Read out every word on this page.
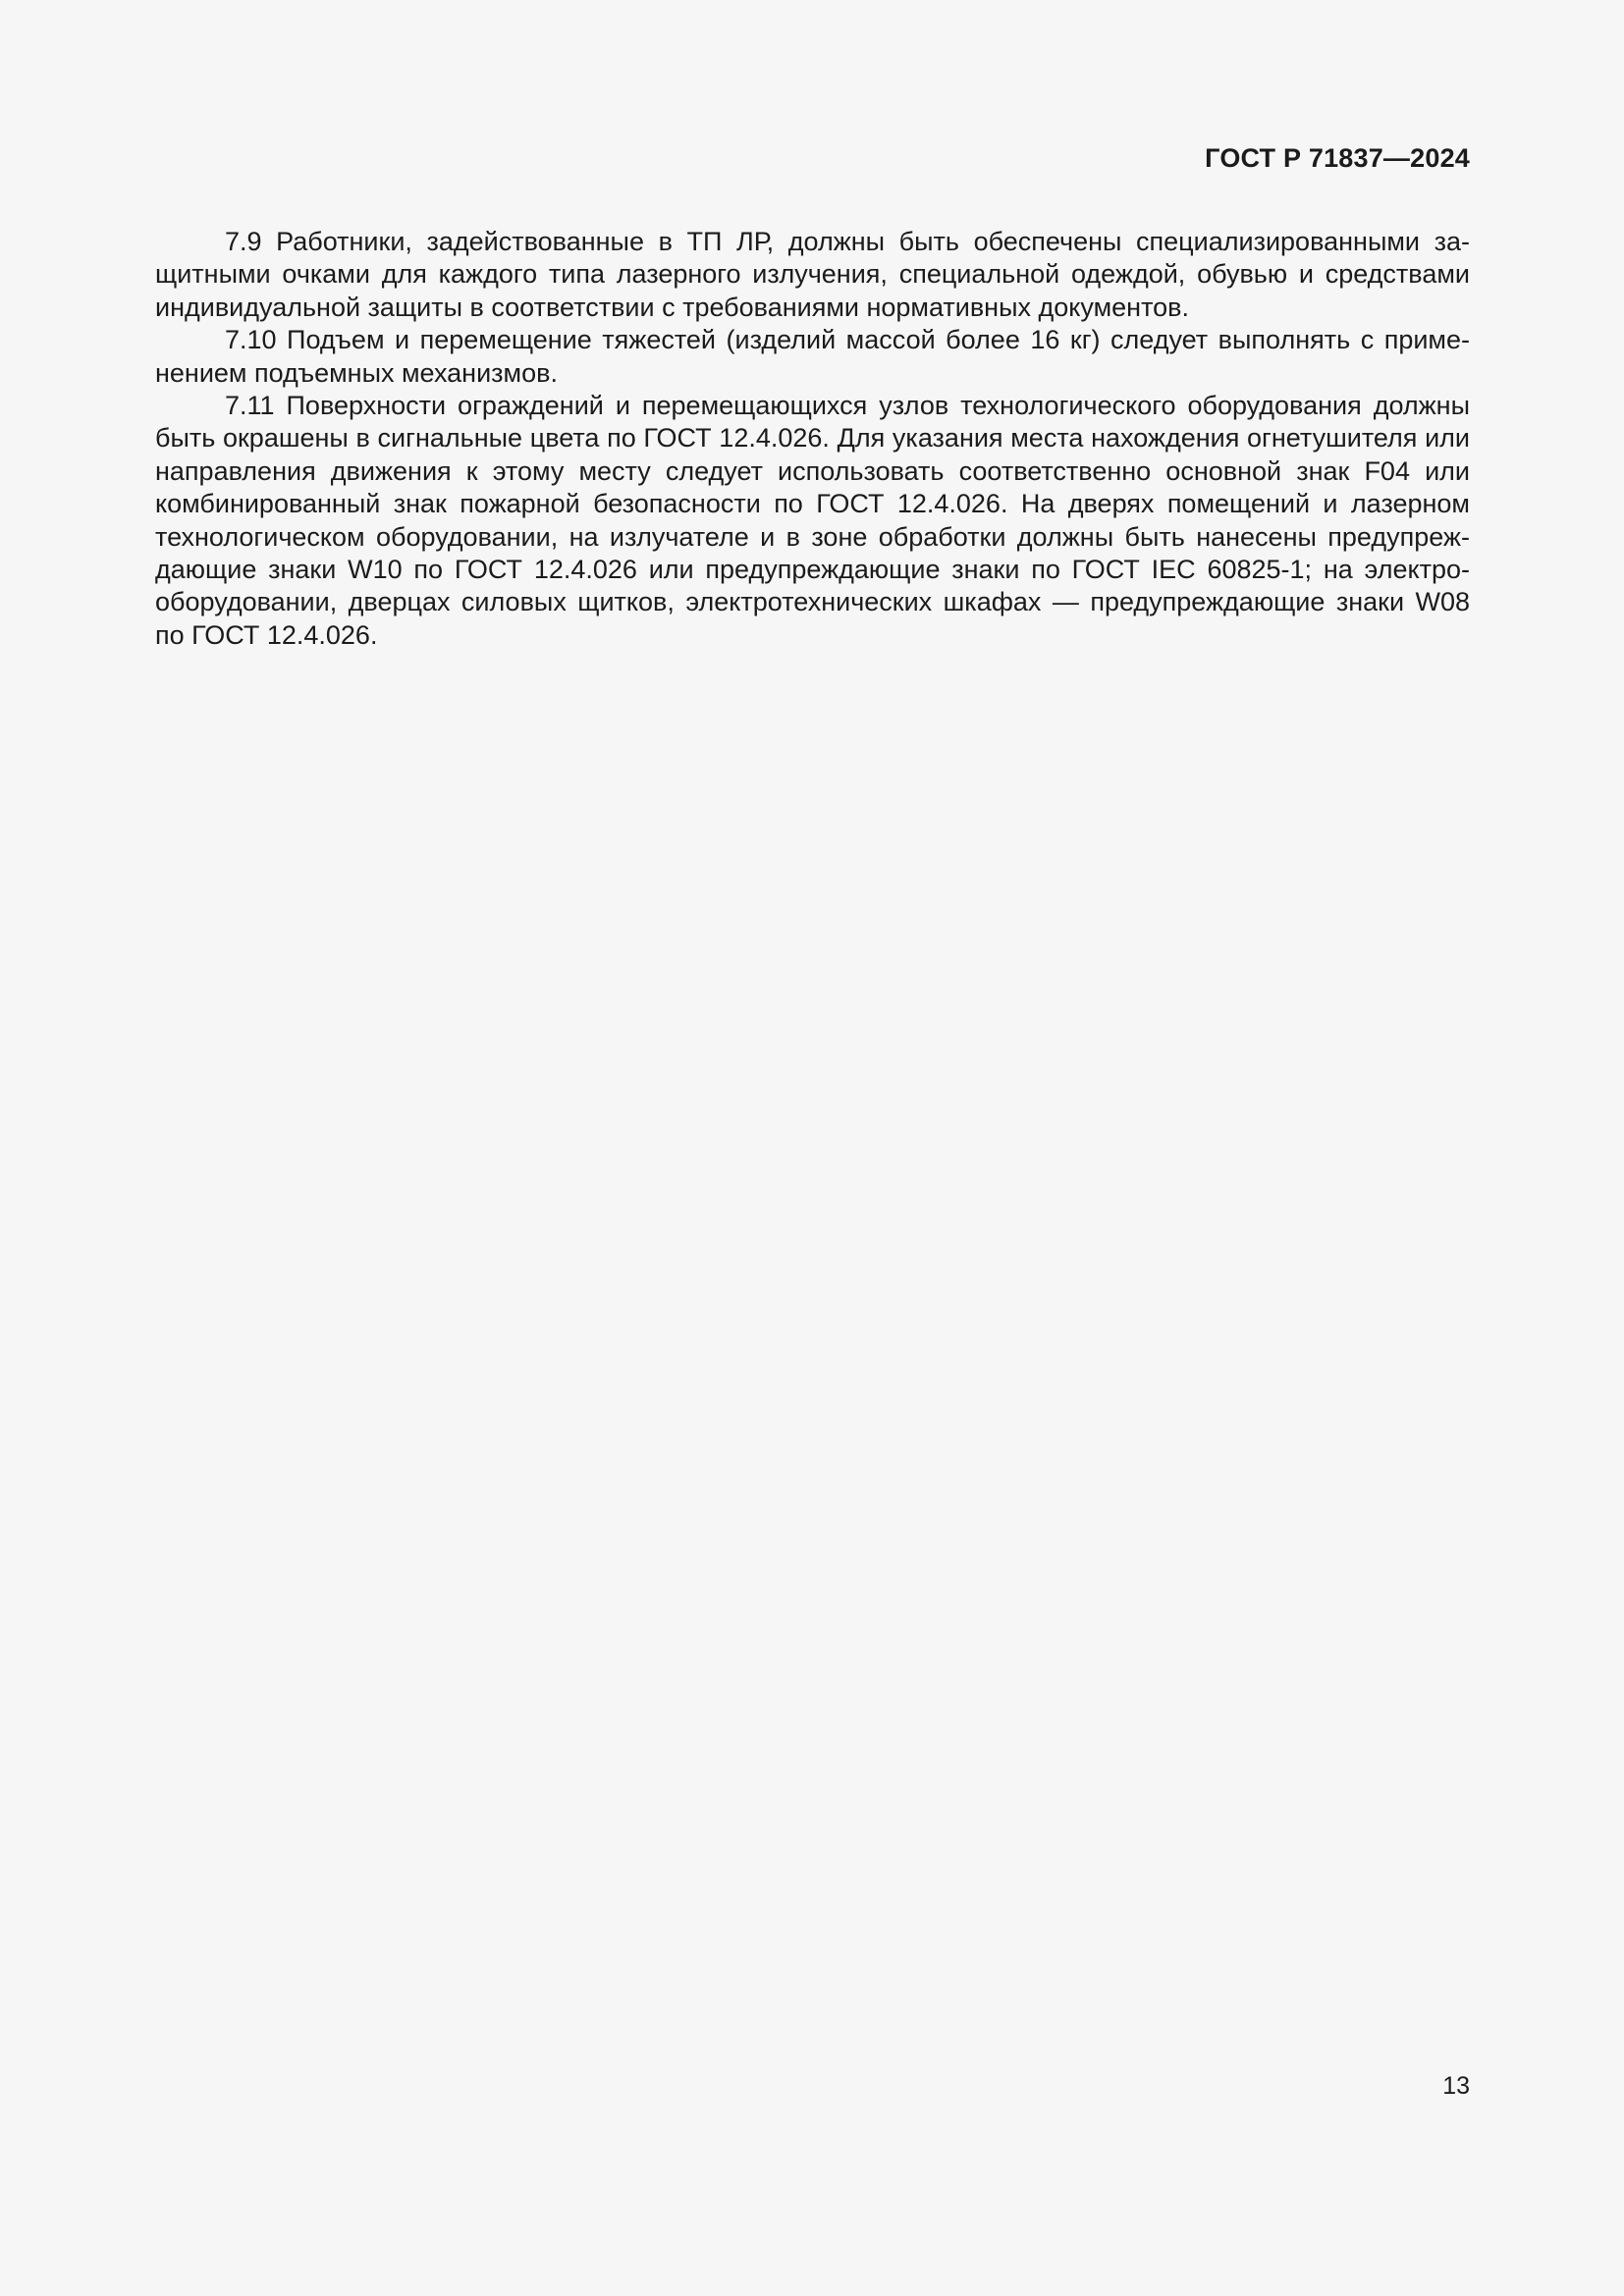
ГОСТ Р 71837—2024

7.9 Работники, задействованные в ТП ЛР, должны быть обеспечены специализированными защитными очками для каждого типа лазерного излучения, специальной одеждой, обувью и средствами индивидуальной защиты в соответствии с требованиями нормативных документов.

7.10 Подъем и перемещение тяжестей (изделий массой более 16 кг) следует выполнять с применением подъемных механизмов.

7.11 Поверхности ограждений и перемещающихся узлов технологического оборудования должны быть окрашены в сигнальные цвета по ГОСТ 12.4.026. Для указания места нахождения огнетушителя или направления движения к этому месту следует использовать соответственно основной знак F04 или комбинированный знак пожарной безопасности по ГОСТ 12.4.026. На дверях помещений и лазерном технологическом оборудовании, на излучателе и в зоне обработки должны быть нанесены предупреждающие знаки W10 по ГОСТ 12.4.026 или предупреждающие знаки по ГОСТ IEC 60825-1; на электрооборудовании, дверцах силовых щитков, электротехнических шкафах — предупреждающие знаки W08 по ГОСТ 12.4.026.

13
